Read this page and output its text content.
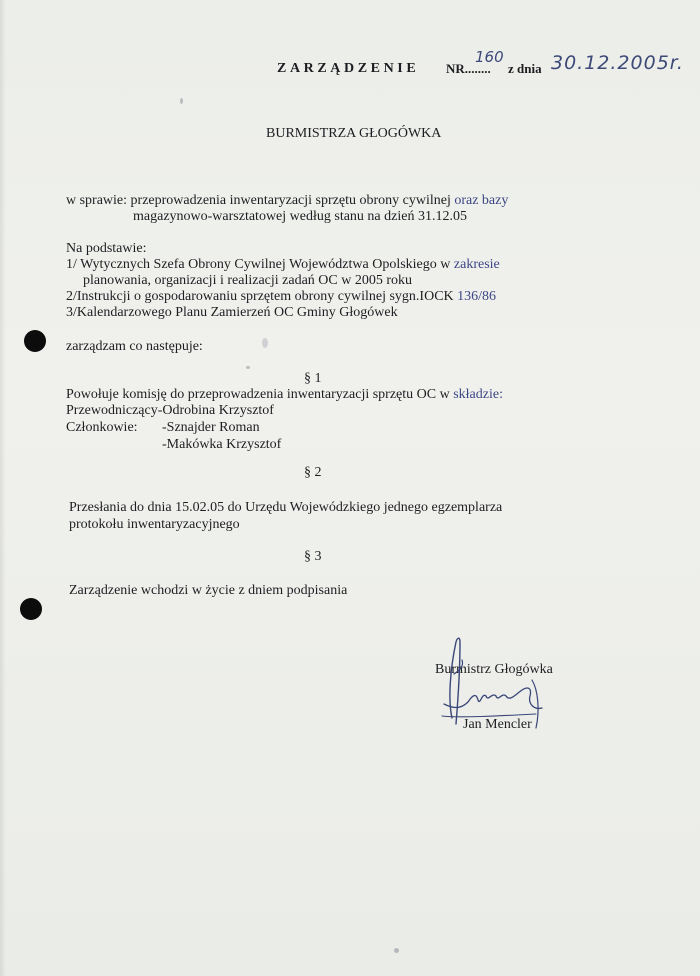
ZARZĄDZENIE NR........
160
z dnia 30.12.2005r.
BURMISTRZA GŁOGÓWKA
w sprawie: przeprowadzenia inwentaryzacji sprzętu obrony cywilnej oraz bazy
magazynowo-warsztatowej według stanu na dzień 31.12.05
Na podstawie:
1/ Wytycznych Szefa Obrony Cywilnej Województwa Opolskiego w zakresie
planowania, organizacji i realizacji zadań OC w 2005 roku
2/Instrukcji o gospodarowaniu sprzętem obrony cywilnej sygn.IOCK 136/86
3/Kalendarzowego Planu Zamierzeń OC Gminy Głogówek
zarządzam co następuje:
§ 1
Powołuje komisję do przeprowadzenia inwentaryzacji sprzętu OC w składzie:
Przewodniczący-Odrobina Krzysztof
Członkowie: -Sznajder Roman
-Makówka Krzysztof
§ 2
Przesłania do dnia 15.02.05 do Urzędu Wojewódzkiego jednego egzemplarza
protokołu inwentaryzacyjnego
§ 3
Zarządzenie wchodzi w życie z dniem podpisania
Burmistrz Głogówka
Jan Mencler
